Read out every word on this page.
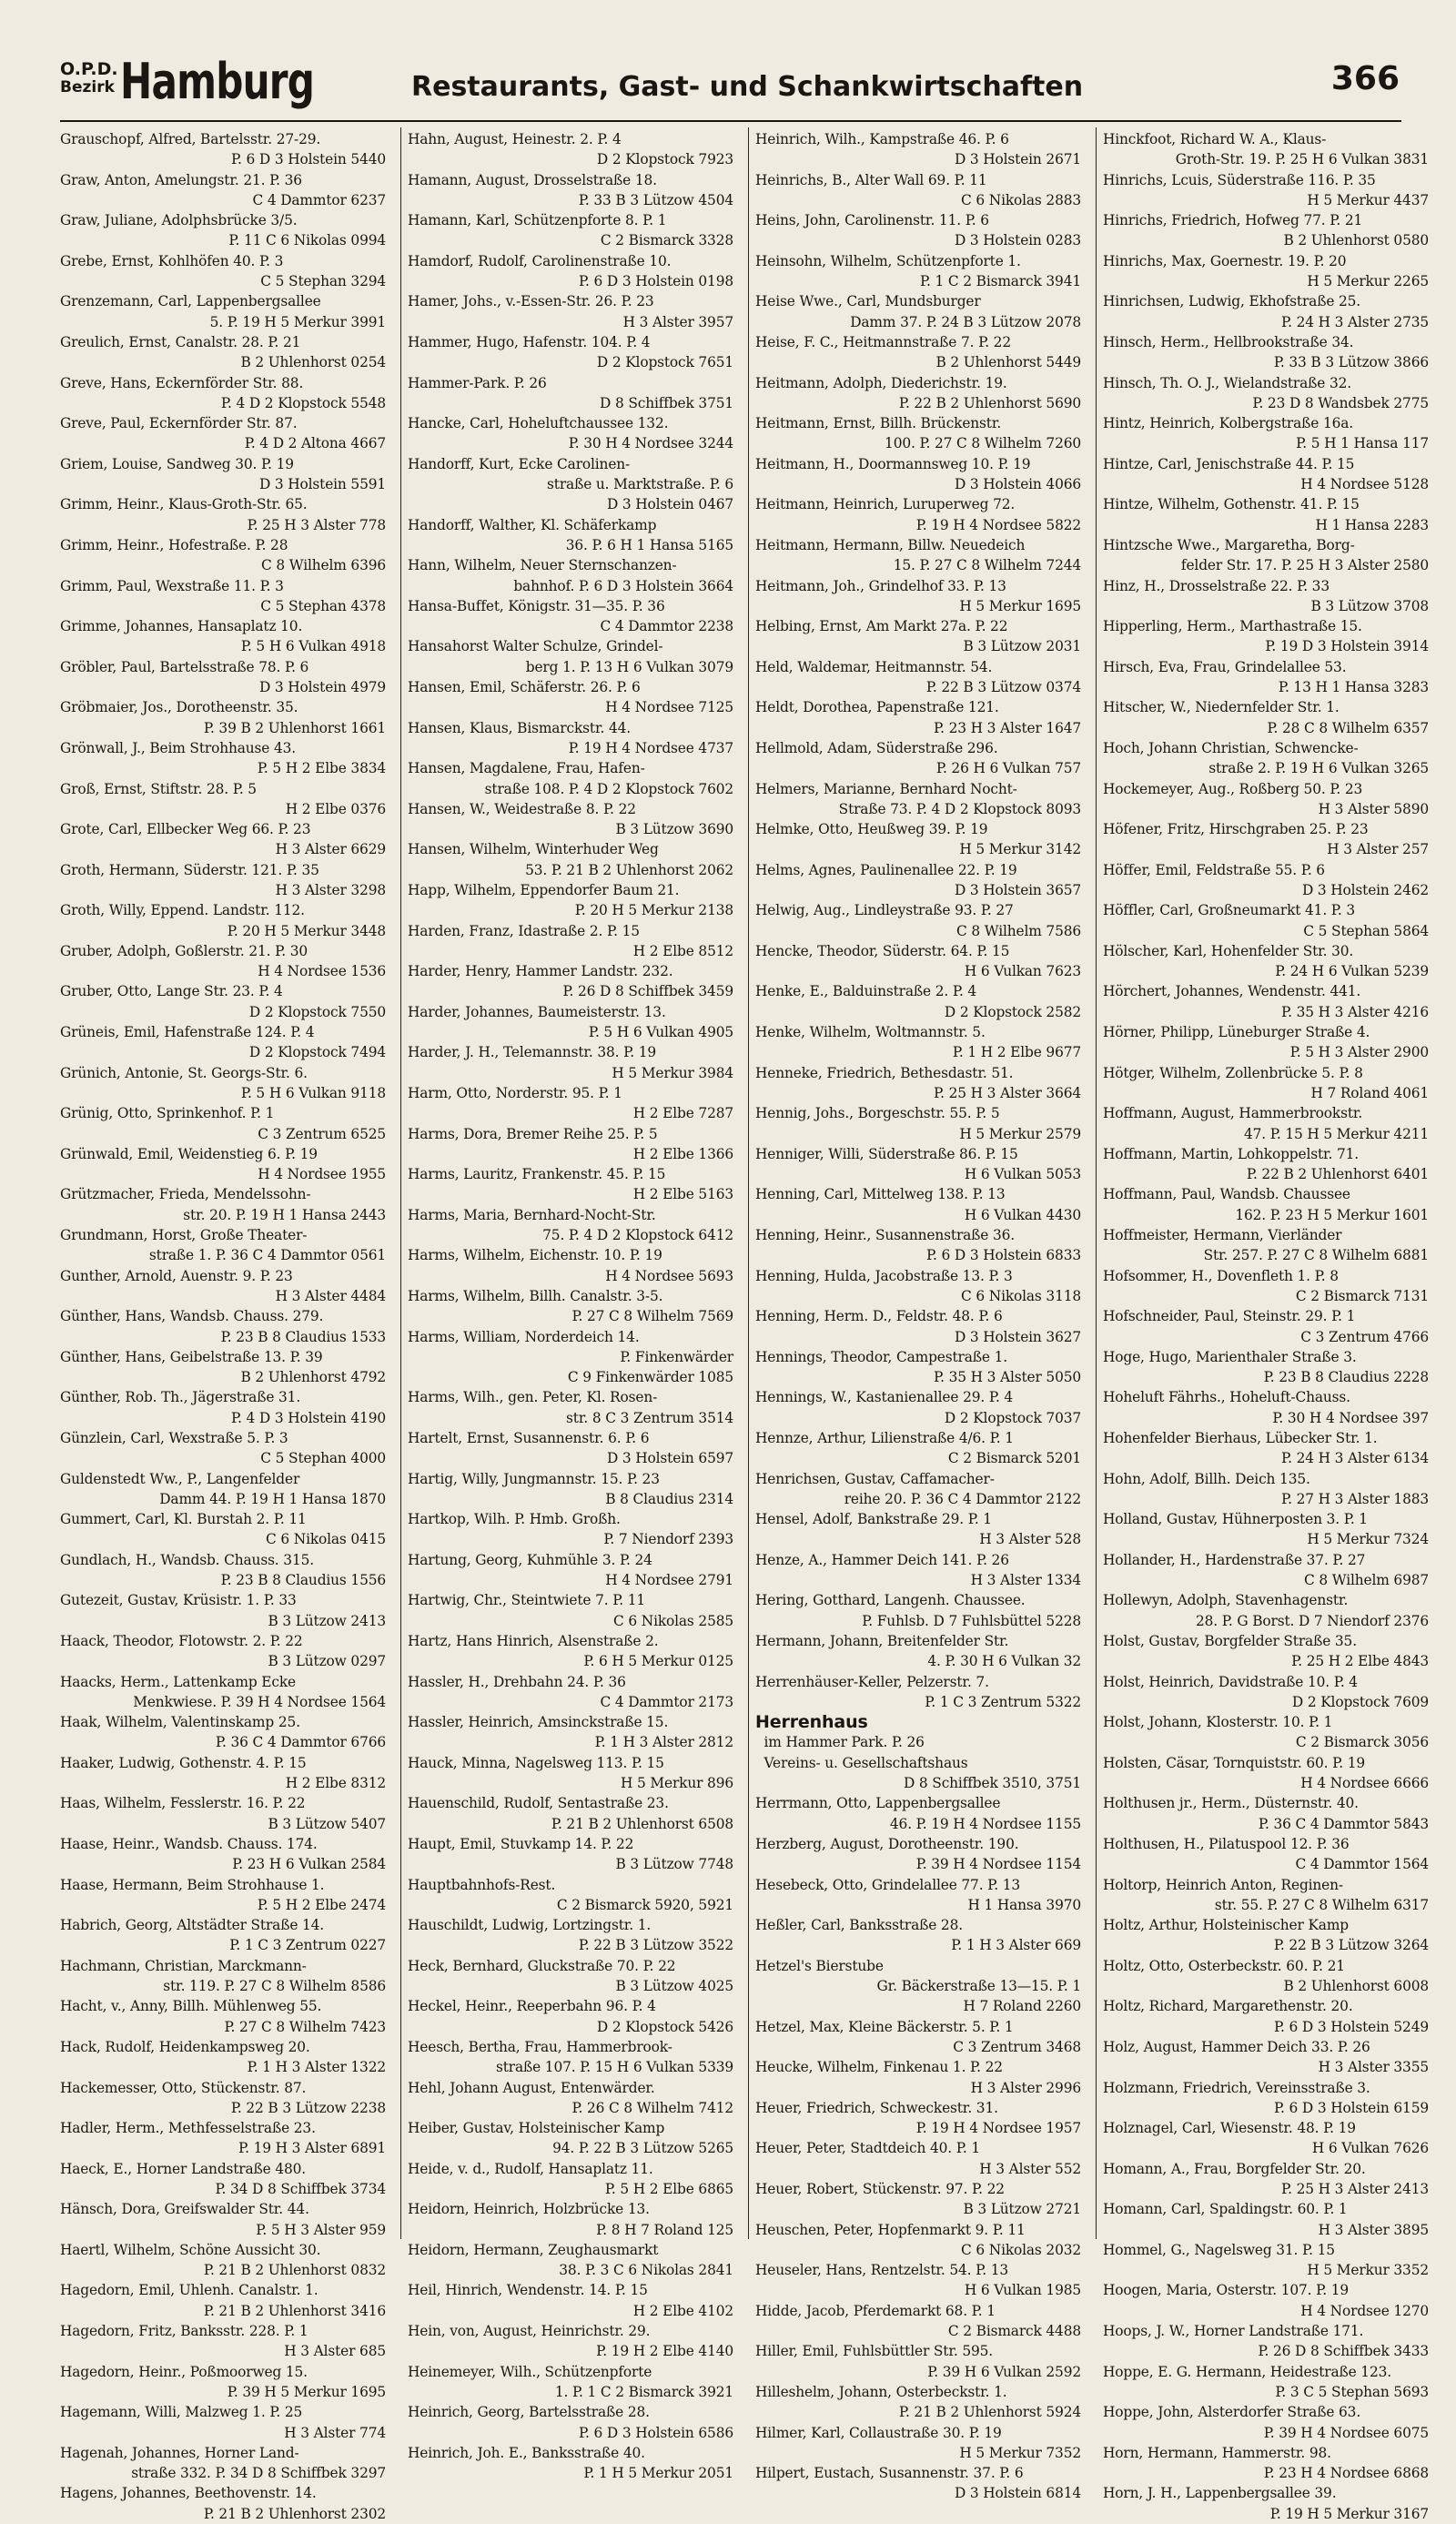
O.P.D.
Bezirk Hamburg	Restaurants, Gast- und Schankwirtschaften	366
Grauschopf, Alfred, Bartelsstr. 27-29.
P. 6 D 3 Holstein 5440
Graw, Anton, Amelungstr. 21. P. 36
C 4 Dammtor 6237
Graw, Juliane, Adolphsbrücke 3/5.
P. 11 C 6 Nikolas 0994
Grebe, Ernst, Kohlhöfen 40. P. 3
C 5 Stephan 3294
Grenzemann, Carl, Lappenbergsallee
5. P. 19 H 5 Merkur 3991
Greulich, Ernst, Canalstr. 28. P. 21
B 2 Uhlenhorst 0254
Greve, Hans, Eckernförder Str. 88.
P. 4 D 2 Klopstock 5548
Greve, Paul, Eckernförder Str. 87.
P. 4 D 2 Altona 4667
Griem, Louise, Sandweg 30. P. 19
D 3 Holstein 5591
Grimm, Heinr., Klaus-Groth-Str. 65.
P. 25 H 3 Alster 778
Grimm, Heinr., Hofestraße. P. 28
C 8 Wilhelm 6396
Grimm, Paul, Wexstraße 11. P. 3
C 5 Stephan 4378
Grimme, Johannes, Hansaplatz 10.
P. 5 H 6 Vulkan 4918
Gröbler, Paul, Bartelsstraße 78. P. 6
D 3 Holstein 4979
Gröbmaier, Jos., Dorotheenstr. 35.
P. 39 B 2 Uhlenhorst 1661
Grönwall, J., Beim Strohhause 43.
P. 5 H 2 Elbe 3834
Groß, Ernst, Stiftstr. 28. P. 5
H 2 Elbe 0376
Grote, Carl, Ellbecker Weg 66. P. 23
H 3 Alster 6629
Groth, Hermann, Süderstr. 121. P. 35
H 3 Alster 3298
Groth, Willy, Eppend. Landstr. 112.
P. 20 H 5 Merkur 3448
Gruber, Adolph, Goßlerstr. 21. P. 30
H 4 Nordsee 1536
Gruber, Otto, Lange Str. 23. P. 4
D 2 Klopstock 7550
Grüneis, Emil, Hafenstraße 124. P. 4
D 2 Klopstock 7494
Grünich, Antonie, St. Georgs-Str. 6.
P. 5 H 6 Vulkan 9118
Grünig, Otto, Sprinkenhof. P. 1
C 3 Zentrum 6525
Grünwald, Emil, Weidenstieg 6. P. 19
H 4 Nordsee 1955
Grützmacher, Frieda, Mendelssohn-
str. 20. P. 19 H 1 Hansa 2443
Grundmann, Horst, Große Theater-
straße 1. P. 36 C 4 Dammtor 0561
Gunther, Arnold, Auenstr. 9. P. 23
H 3 Alster 4484
Günther, Hans, Wandsb. Chauss. 279.
P. 23 B 8 Claudius 1533
Günther, Hans, Geibelstraße 13. P. 39
B 2 Uhlenhorst 4792
Günther, Rob. Th., Jägerstraße 31.
P. 4 D 3 Holstein 4190
Günzlein, Carl, Wexstraße 5. P. 3
C 5 Stephan 4000
Guldenstedt Ww., P., Langenfelder
Damm 44. P. 19 H 1 Hansa 1870
Gummert, Carl, Kl. Burstah 2. P. 11
C 6 Nikolas 0415
Gundlach, H., Wandsb. Chauss. 315.
P. 23 B 8 Claudius 1556
Gutezeit, Gustav, Krüsistr. 1. P. 33
B 3 Lützow 2413
Haack, Theodor, Flotowstr. 2. P. 22
B 3 Lützow 0297
Haacks, Herm., Lattenkamp Ecke
Menkwiese. P. 39 H 4 Nordsee 1564
Haak, Wilhelm, Valentinskamp 25.
P. 36 C 4 Dammtor 6766
Haaker, Ludwig, Gothenstr. 4. P. 15
H 2 Elbe 8312
Haas, Wilhelm, Fesslerstr. 16. P. 22
B 3 Lützow 5407
Haase, Heinr., Wandsb. Chauss. 174.
P. 23 H 6 Vulkan 2584
Haase, Hermann, Beim Strohhause 1.
P. 5 H 2 Elbe 2474
Habrich, Georg, Altstädter Straße 14.
P. 1 C 3 Zentrum 0227
Hachmann, Christian, Marckmann-
str. 119. P. 27 C 8 Wilhelm 8586
Hacht, v., Anny, Billh. Mühlenweg 55.
P. 27 C 8 Wilhelm 7423
Hack, Rudolf, Heidenkampsweg 20.
P. 1 H 3 Alster 1322
Hackemesser, Otto, Stückenstr. 87.
P. 22 B 3 Lützow 2238
Hadler, Herm., Methfesselstraße 23.
P. 19 H 3 Alster 6891
Haeck, E., Horner Landstraße 480.
P. 34 D 8 Schiffbek 3734
Hänsch, Dora, Greifswalder Str. 44.
P. 5 H 3 Alster 959
Haertl, Wilhelm, Schöne Aussicht 30.
P. 21 B 2 Uhlenhorst 0832
Hagedorn, Emil, Uhlenh. Canalstr. 1.
P. 21 B 2 Uhlenhorst 3416
Hagedorn, Fritz, Banksstr. 228. P. 1
H 3 Alster 685
Hagedorn, Heinr., Poßmoorweg 15.
P. 39 H 5 Merkur 1695
Hagemann, Willi, Malzweg 1. P. 25
H 3 Alster 774
Hagenah, Johannes, Horner Land-
straße 332. P. 34 D 8 Schiffbek 3297
Hagens, Johannes, Beethovenstr. 14.
P. 21 B 2 Uhlenhorst 2302
Hahn, August, Heinestr. 2. P. 4
D 2 Klopstock 7923
Hamann, August, Drosselstraße 18.
P. 33 B 3 Lützow 4504
Hamann, Karl, Schützenpforte 8. P. 1
C 2 Bismarck 3328
Hamdorf, Rudolf, Carolinenstraße 10.
P. 6 D 3 Holstein 0198
Hamer, Johs., v.-Essen-Str. 26. P. 23
H 3 Alster 3957
Hammer, Hugo, Hafenstr. 104. P. 4
D 2 Klopstock 7651
Hammer-Park. P. 26
D 8 Schiffbek 3751
Hancke, Carl, Hoheluftchaussee 132.
P. 30 H 4 Nordsee 3244
Handorff, Kurt, Ecke Carolinen-
straße u. Marktstraße. P. 6
D 3 Holstein 0467
Handorff, Walther, Kl. Schäferkamp
36. P. 6 H 1 Hansa 5165
Hann, Wilhelm, Neuer Sternschanzen-
bahnhof. P. 6 D 3 Holstein 3664
Hansa-Buffet, Königstr. 31—35. P. 36
C 4 Dammtor 2238
Hansahorst Walter Schulze, Grindel-
berg 1. P. 13 H 6 Vulkan 3079
Hansen, Emil, Schäferstr. 26. P. 6
H 4 Nordsee 7125
Hansen, Klaus, Bismarckstr. 44.
P. 19 H 4 Nordsee 4737
Hansen, Magdalene, Frau, Hafen-
straße 108. P. 4 D 2 Klopstock 7602
Hansen, W., Weidestraße 8. P. 22
B 3 Lützow 3690
Hansen, Wilhelm, Winterhuder Weg
53. P. 21 B 2 Uhlenhorst 2062
Happ, Wilhelm, Eppendorfer Baum 21.
P. 20 H 5 Merkur 2138
Harden, Franz, Idastraße 2. P. 15
H 2 Elbe 8512
Harder, Henry, Hammer Landstr. 232.
P. 26 D 8 Schiffbek 3459
Harder, Johannes, Baumeisterstr. 13.
P. 5 H 6 Vulkan 4905
Harder, J. H., Telemannstr. 38. P. 19
H 5 Merkur 3984
Harm, Otto, Norderstr. 95. P. 1
H 2 Elbe 7287
Harms, Dora, Bremer Reihe 25. P. 5
H 2 Elbe 1366
Harms, Lauritz, Frankenstr. 45. P. 15
H 2 Elbe 5163
Harms, Maria, Bernhard-Nocht-Str.
75. P. 4 D 2 Klopstock 6412
Harms, Wilhelm, Eichenstr. 10. P. 19
H 4 Nordsee 5693
Harms, Wilhelm, Billh. Canalstr. 3-5.
P. 27 C 8 Wilhelm 7569
Harms, William, Norderdeich 14.
P. Finkenwärder
C 9 Finkenwärder 1085
Harms, Wilh., gen. Peter, Kl. Rosen-
str. 8 C 3 Zentrum 3514
Hartelt, Ernst, Susannenstr. 6. P. 6
D 3 Holstein 6597
Hartig, Willy, Jungmannstr. 15. P. 23
B 8 Claudius 2314
Hartkop, Wilh. P. Hmb. Großh.
P. 7 Niendorf 2393
Hartung, Georg, Kuhmühle 3. P. 24
H 4 Nordsee 2791
Hartwig, Chr., Steintwiete 7. P. 11
C 6 Nikolas 2585
Hartz, Hans Hinrich, Alsenstraße 2.
P. 6 H 5 Merkur 0125
Hassler, H., Drehbahn 24. P. 36
C 4 Dammtor 2173
Hassler, Heinrich, Amsinckstraße 15.
P. 1 H 3 Alster 2812
Hauck, Minna, Nagelsweg 113. P. 15
H 5 Merkur 896
Hauenschild, Rudolf, Sentastraße 23.
P. 21 B 2 Uhlenhorst 6508
Haupt, Emil, Stuvkamp 14. P. 22
B 3 Lützow 7748
Hauptbahnhofs-Rest.
C 2 Bismarck 5920, 5921
Hauschildt, Ludwig, Lortzingstr. 1.
P. 22 B 3 Lützow 3522
Heck, Bernhard, Gluckstraße 70. P. 22
B 3 Lützow 4025
Heckel, Heinr., Reeperbahn 96. P. 4
D 2 Klopstock 5426
Heesch, Bertha, Frau, Hammerbrook-
straße 107. P. 15 H 6 Vulkan 5339
Hehl, Johann August, Entenwärder.
P. 26 C 8 Wilhelm 7412
Heiber, Gustav, Holsteinischer Kamp
94. P. 22 B 3 Lützow 5265
Heide, v. d., Rudolf, Hansaplatz 11.
P. 5 H 2 Elbe 6865
Heidorn, Heinrich, Holzbrücke 13.
P. 8 H 7 Roland 125
Heidorn, Hermann, Zeughausmarkt
38. P. 3 C 6 Nikolas 2841
Heil, Hinrich, Wendenstr. 14. P. 15
H 2 Elbe 4102
Hein, von, August, Heinrichstr. 29.
P. 19 H 2 Elbe 4140
Heinemeyer, Wilh., Schützenpforte
1. P. 1 C 2 Bismarck 3921
Heinrich, Georg, Bartelsstraße 28.
P. 6 D 3 Holstein 6586
Heinrich, Joh. E., Banksstraße 40.
P. 1 H 5 Merkur 2051
Heinrich, Wilh., Kampstraße 46. P. 6
D 3 Holstein 2671
Heinrichs, B., Alter Wall 69. P. 11
C 6 Nikolas 2883
Heins, John, Carolinenstr. 11. P. 6
D 3 Holstein 0283
Heinsohn, Wilhelm, Schützenpforte 1.
P. 1 C 2 Bismarck 3941
Heise Wwe., Carl, Mundsburger
Damm 37. P. 24 B 3 Lützow 2078
Heise, F. C., Heitmannstraße 7. P. 22
B 2 Uhlenhorst 5449
Heitmann, Adolph, Diederichstr. 19.
P. 22 B 2 Uhlenhorst 5690
Heitmann, Ernst, Billh. Brückenstr.
100. P. 27 C 8 Wilhelm 7260
Heitmann, H., Doormannsweg 10. P. 19
D 3 Holstein 4066
Heitmann, Heinrich, Luruperweg 72.
P. 19 H 4 Nordsee 5822
Heitmann, Hermann, Billw. Neuedeich
15. P. 27 C 8 Wilhelm 7244
Heitmann, Joh., Grindelhof 33. P. 13
H 5 Merkur 1695
Helbing, Ernst, Am Markt 27a. P. 22
B 3 Lützow 2031
Held, Waldemar, Heitmannstr. 54.
P. 22 B 3 Lützow 0374
Heldt, Dorothea, Papenstraße 121.
P. 23 H 3 Alster 1647
Hellmold, Adam, Süderstraße 296.
P. 26 H 6 Vulkan 757
Helmers, Marianne, Bernhard Nocht-
Straße 73. P. 4 D 2 Klopstock 8093
Helmke, Otto, Heußweg 39. P. 19
H 5 Merkur 3142
Helms, Agnes, Paulinenallee 22. P. 19
D 3 Holstein 3657
Helwig, Aug., Lindleystraße 93. P. 27
C 8 Wilhelm 7586
Hencke, Theodor, Süderstr. 64. P. 15
H 6 Vulkan 7623
Henke, E., Balduinstraße 2. P. 4
D 2 Klopstock 2582
Henke, Wilhelm, Woltmannstr. 5.
P. 1 H 2 Elbe 9677
Henneke, Friedrich, Bethesdastr. 51.
P. 25 H 3 Alster 3664
Hennig, Johs., Borgeschstr. 55. P. 5
H 5 Merkur 2579
Henniger, Willi, Süderstraße 86. P. 15
H 6 Vulkan 5053
Henning, Carl, Mittelweg 138. P. 13
H 6 Vulkan 4430
Henning, Heinr., Susannenstraße 36.
P. 6 D 3 Holstein 6833
Henning, Hulda, Jacobstraße 13. P. 3
C 6 Nikolas 3118
Henning, Herm. D., Feldstr. 48. P. 6
D 3 Holstein 3627
Hennings, Theodor, Campestraße 1.
P. 35 H 3 Alster 5050
Hennings, W., Kastanienallee 29. P. 4
D 2 Klopstock 7037
Hennze, Arthur, Lilienstraße 4/6. P. 1
C 2 Bismarck 5201
Henrichsen, Gustav, Caffamacher-
reihe 20. P. 36 C 4 Dammtor 2122
Hensel, Adolf, Bankstraße 29. P. 1
H 3 Alster 528
Henze, A., Hammer Deich 141. P. 26
H 3 Alster 1334
Hering, Gotthard, Langenh. Chaussee.
P. Fuhlsb. D 7 Fuhlsbüttel 5228
Hermann, Johann, Breitenfelder Str.
4. P. 30 H 6 Vulkan 32
Herrenhäuser-Keller, Pelzerstr. 7.
P. 1 C 3 Zentrum 5322
Herrenhaus
im Hammer Park. P. 26
Vereins- u. Gesellschaftshaus
D 8 Schiffbek 3510, 3751
Herrmann, Otto, Lappenbergsallee
46. P. 19 H 4 Nordsee 1155
Herzberg, August, Dorotheenstr. 190.
P. 39 H 4 Nordsee 1154
Hesebeck, Otto, Grindelallee 77. P. 13
H 1 Hansa 3970
Heßler, Carl, Banksstraße 28.
P. 1 H 3 Alster 669
Hetzel's Bierstube
Gr. Bäckerstraße 13—15. P. 1
H 7 Roland 2260
Hetzel, Max, Kleine Bäckerstr. 5. P. 1
C 3 Zentrum 3468
Heucke, Wilhelm, Finkenau 1. P. 22
H 3 Alster 2996
Heuer, Friedrich, Schweckestr. 31.
P. 19 H 4 Nordsee 1957
Heuer, Peter, Stadtdeich 40. P. 1
H 3 Alster 552
Heuer, Robert, Stückenstr. 97. P. 22
B 3 Lützow 2721
Heuschen, Peter, Hopfenmarkt 9. P. 11
C 6 Nikolas 2032
Heuseler, Hans, Rentzelstr. 54. P. 13
H 6 Vulkan 1985
Hidde, Jacob, Pferdemarkt 68. P. 1
C 2 Bismarck 4488
Hiller, Emil, Fuhlsbüttler Str. 595.
P. 39 H 6 Vulkan 2592
Hilleshelm, Johann, Osterbeckstr. 1.
P. 21 B 2 Uhlenhorst 5924
Hilmer, Karl, Collaustraße 30. P. 19
H 5 Merkur 7352
Hilpert, Eustach, Susannenstr. 37. P. 6
D 3 Holstein 6814
Hinckfoot, Richard W. A., Klaus-
Groth-Str. 19. P. 25 H 6 Vulkan 3831
Hinrichs, Lcuis, Süderstraße 116. P. 35
H 5 Merkur 4437
Hinrichs, Friedrich, Hofweg 77. P. 21
B 2 Uhlenhorst 0580
Hinrichs, Max, Goernestr. 19. P. 20
H 5 Merkur 2265
Hinrichsen, Ludwig, Ekhofstraße 25.
P. 24 H 3 Alster 2735
Hinsch, Herm., Hellbrookstraße 34.
P. 33 B 3 Lützow 3866
Hinsch, Th. O. J., Wielandstraße 32.
P. 23 D 8 Wandsbek 2775
Hintz, Heinrich, Kolbergstraße 16a.
P. 5 H 1 Hansa 117
Hintze, Carl, Jenischstraße 44. P. 15
H 4 Nordsee 5128
Hintze, Wilhelm, Gothenstr. 41. P. 15
H 1 Hansa 2283
Hintzsche Wwe., Margaretha, Borg-
felder Str. 17. P. 25 H 3 Alster 2580
Hinz, H., Drosselstraße 22. P. 33
B 3 Lützow 3708
Hipperling, Herm., Marthastraße 15.
P. 19 D 3 Holstein 3914
Hirsch, Eva, Frau, Grindelallee 53.
P. 13 H 1 Hansa 3283
Hitscher, W., Niedernfelder Str. 1.
P. 28 C 8 Wilhelm 6357
Hoch, Johann Christian, Schwencke-
straße 2. P. 19 H 6 Vulkan 3265
Hockemeyer, Aug., Roßberg 50. P. 23
H 3 Alster 5890
Höfener, Fritz, Hirschgraben 25. P. 23
H 3 Alster 257
Höffer, Emil, Feldstraße 55. P. 6
D 3 Holstein 2462
Höffler, Carl, Großneumarkt 41. P. 3
C 5 Stephan 5864
Hölscher, Karl, Hohenfelder Str. 30.
P. 24 H 6 Vulkan 5239
Hörchert, Johannes, Wendenstr. 441.
P. 35 H 3 Alster 4216
Hörner, Philipp, Lüneburger Straße 4.
P. 5 H 3 Alster 2900
Hötger, Wilhelm, Zollenbrücke 5. P. 8
H 7 Roland 4061
Hoffmann, August, Hammerbrookstr.
47. P. 15 H 5 Merkur 4211
Hoffmann, Martin, Lohkoppelstr. 71.
P. 22 B 2 Uhlenhorst 6401
Hoffmann, Paul, Wandsb. Chaussee
162. P. 23 H 5 Merkur 1601
Hoffmeister, Hermann, Vierländer
Str. 257. P. 27 C 8 Wilhelm 6881
Hofsommer, H., Dovenfleth 1. P. 8
C 2 Bismarck 7131
Hofschneider, Paul, Steinstr. 29. P. 1
C 3 Zentrum 4766
Hoge, Hugo, Marienthaler Straße 3.
P. 23 B 8 Claudius 2228
Hoheluft Fährhs., Hoheluft-Chauss.
P. 30 H 4 Nordsee 397
Hohenfelder Bierhaus, Lübecker Str. 1.
P. 24 H 3 Alster 6134
Hohn, Adolf, Billh. Deich 135.
P. 27 H 3 Alster 1883
Holland, Gustav, Hühnerposten 3. P. 1
H 5 Merkur 7324
Hollander, H., Hardenstraße 37. P. 27
C 8 Wilhelm 6987
Hollewyn, Adolph, Stavenhagenstr.
28. P. G Borst. D 7 Niendorf 2376
Holst, Gustav, Borgfelder Straße 35.
P. 25 H 2 Elbe 4843
Holst, Heinrich, Davidstraße 10. P. 4
D 2 Klopstock 7609
Holst, Johann, Klosterstr. 10. P. 1
C 2 Bismarck 3056
Holsten, Cäsar, Tornquiststr. 60. P. 19
H 4 Nordsee 6666
Holthusen jr., Herm., Düsternstr. 40.
P. 36 C 4 Dammtor 5843
Holthusen, H., Pilatuspool 12. P. 36
C 4 Dammtor 1564
Holtorp, Heinrich Anton, Reginen-
str. 55. P. 27 C 8 Wilhelm 6317
Holtz, Arthur, Holsteinischer Kamp
P. 22 B 3 Lützow 3264
Holtz, Otto, Osterbeckstr. 60. P. 21
B 2 Uhlenhorst 6008
Holtz, Richard, Margarethenstr. 20.
P. 6 D 3 Holstein 5249
Holz, August, Hammer Deich 33. P. 26
H 3 Alster 3355
Holzmann, Friedrich, Vereinsstraße 3.
P. 6 D 3 Holstein 6159
Holznagel, Carl, Wiesenstr. 48. P. 19
H 6 Vulkan 7626
Homann, A., Frau, Borgfelder Str. 20.
P. 25 H 3 Alster 2413
Homann, Carl, Spaldingstr. 60. P. 1
H 3 Alster 3895
Hommel, G., Nagelsweg 31. P. 15
H 5 Merkur 3352
Hoogen, Maria, Osterstr. 107. P. 19
H 4 Nordsee 1270
Hoops, J. W., Horner Landstraße 171.
P. 26 D 8 Schiffbek 3433
Hoppe, E. G. Hermann, Heidestraße 123.
P. 3 C 5 Stephan 5693
Hoppe, John, Alsterdorfer Straße 63.
P. 39 H 4 Nordsee 6075
Horn, Hermann, Hammerstr. 98.
P. 23 H 4 Nordsee 6868
Horn, J. H., Lappenbergsallee 39.
P. 19 H 5 Merkur 3167
